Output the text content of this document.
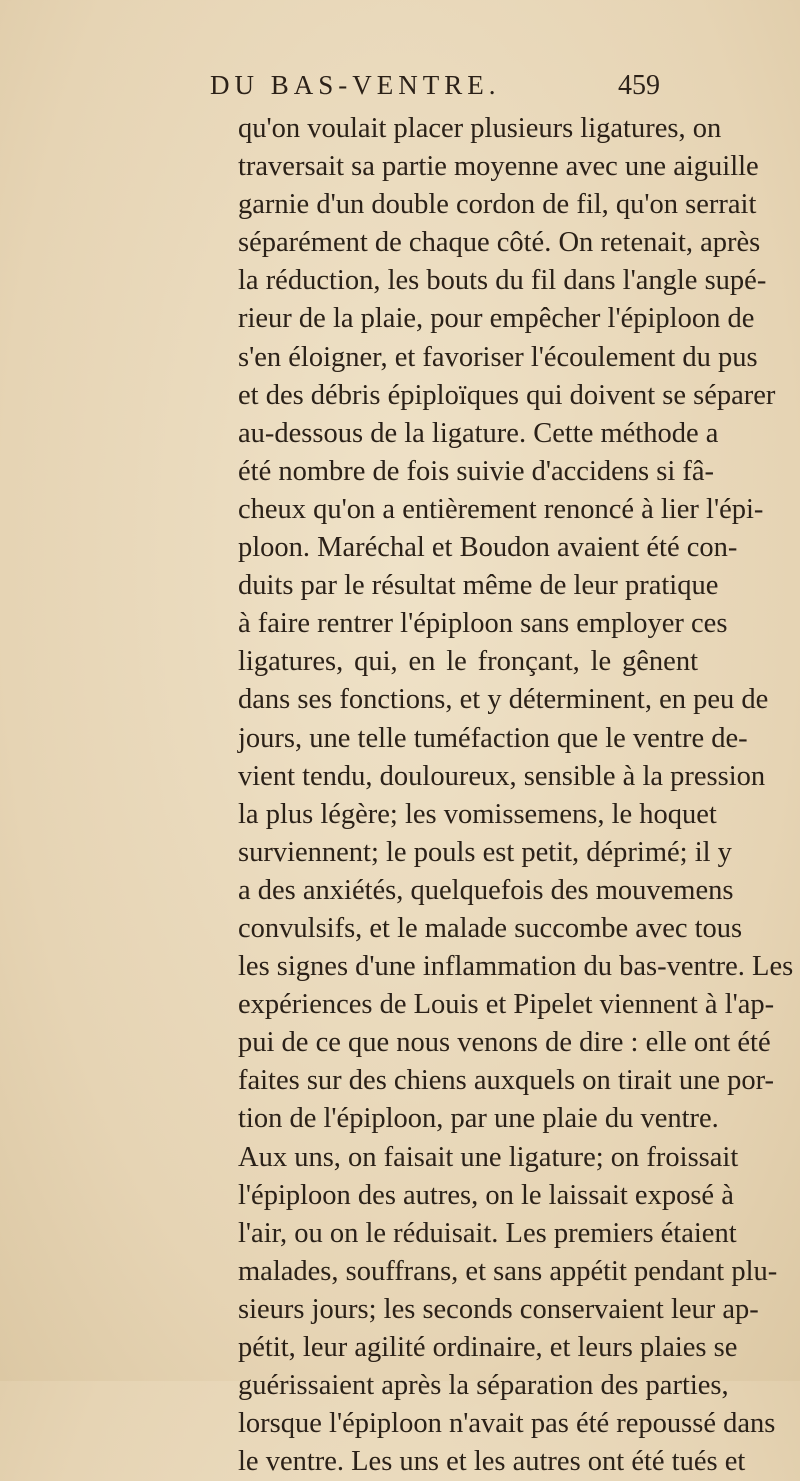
DU BAS-VENTRE.	459
qu'on voulait placer plusieurs ligatures, on
traversait sa partie moyenne avec une aiguille
garnie d'un double cordon de fil, qu'on serrait
séparément de chaque côté. On retenait, après
la réduction, les bouts du fil dans l'angle supé-
rieur de la plaie, pour empêcher l'épiploon de
s'en éloigner, et favoriser l'écoulement du pus
et des débris épiploïques qui doivent se séparer
au-dessous de la ligature. Cette méthode a
été nombre de fois suivie d'accidens si fâ-
cheux qu'on a entièrement renoncé à lier l'épi-
ploon. Maréchal et Boudon avaient été con-
duits par le résultat même de leur pratique
à faire rentrer l'épiploon sans employer ces
ligatures, qui, en le fronçant, le gênent
dans ses fonctions, et y déterminent, en peu de
jours, une telle tuméfaction que le ventre de-
vient tendu, douloureux, sensible à la pression
la plus légère; les vomissemens, le hoquet
surviennent; le pouls est petit, déprimé; il y
a des anxiétés, quelquefois des mouvemens
convulsifs, et le malade succombe avec tous
les signes d'une inflammation du bas-ventre. Les
expériences de Louis et Pipelet viennent à l'ap-
pui de ce que nous venons de dire : elle ont été
faites sur des chiens auxquels on tirait une por-
tion de l'épiploon, par une plaie du ventre.
Aux uns, on faisait une ligature; on froissait
l'épiploon des autres, on le laissait exposé à
l'air, ou on le réduisait. Les premiers étaient
malades, souffrans, et sans appétit pendant plu-
sieurs jours; les seconds conservaient leur ap-
pétit, leur agilité ordinaire, et leurs plaies se
guérissaient après la séparation des parties,
lorsque l'épiploon n'avait pas été repoussé dans
le ventre. Les uns et les autres ont été tués et
